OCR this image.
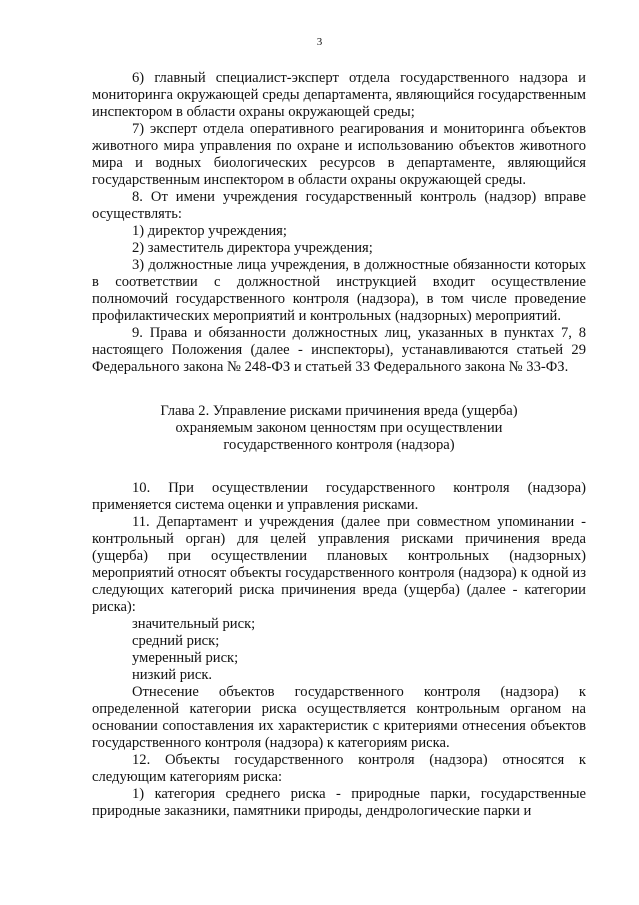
3

6) главный специалист-эксперт отдела государственного надзора и мониторинга окружающей среды департамента, являющийся государственным инспектором в области охраны окружающей среды;

7) эксперт отдела оперативного реагирования и мониторинга объектов животного мира управления по охране и использованию объектов животного мира и водных биологических ресурсов в департаменте, являющийся государственным инспектором в области охраны окружающей среды.

8. От имени учреждения государственный контроль (надзор) вправе осуществлять:

1) директор учреждения;

2) заместитель директора учреждения;

3) должностные лица учреждения, в должностные обязанности которых в соответствии с должностной инструкцией входит осуществление полномочий государственного контроля (надзора), в том числе проведение профилактических мероприятий и контрольных (надзорных) мероприятий.

9. Права и обязанности должностных лиц, указанных в пунктах 7, 8 настоящего Положения (далее - инспекторы), устанавливаются статьей 29 Федерального закона № 248-ФЗ и статьей 33 Федерального закона № 33-ФЗ.

Глава 2. Управление рисками причинения вреда (ущерба)
охраняемым законом ценностям при осуществлении
государственного контроля (надзора)

10. При осуществлении государственного контроля (надзора) применяется система оценки и управления рисками.

11. Департамент и учреждения (далее при совместном упоминании - контрольный орган) для целей управления рисками причинения вреда (ущерба) при осуществлении плановых контрольных (надзорных) мероприятий относят объекты государственного контроля (надзора) к одной из следующих категорий риска причинения вреда (ущерба) (далее - категории риска):

значительный риск;

средний риск;

умеренный риск;

низкий риск.

Отнесение объектов государственного контроля (надзора) к определенной категории риска осуществляется контрольным органом на основании сопоставления их характеристик с критериями отнесения объектов государственного контроля (надзора) к категориям риска.

12. Объекты государственного контроля (надзора) относятся к следующим категориям риска:

1) категория среднего риска - природные парки, государственные природные заказники, памятники природы, дендрологические парки и
